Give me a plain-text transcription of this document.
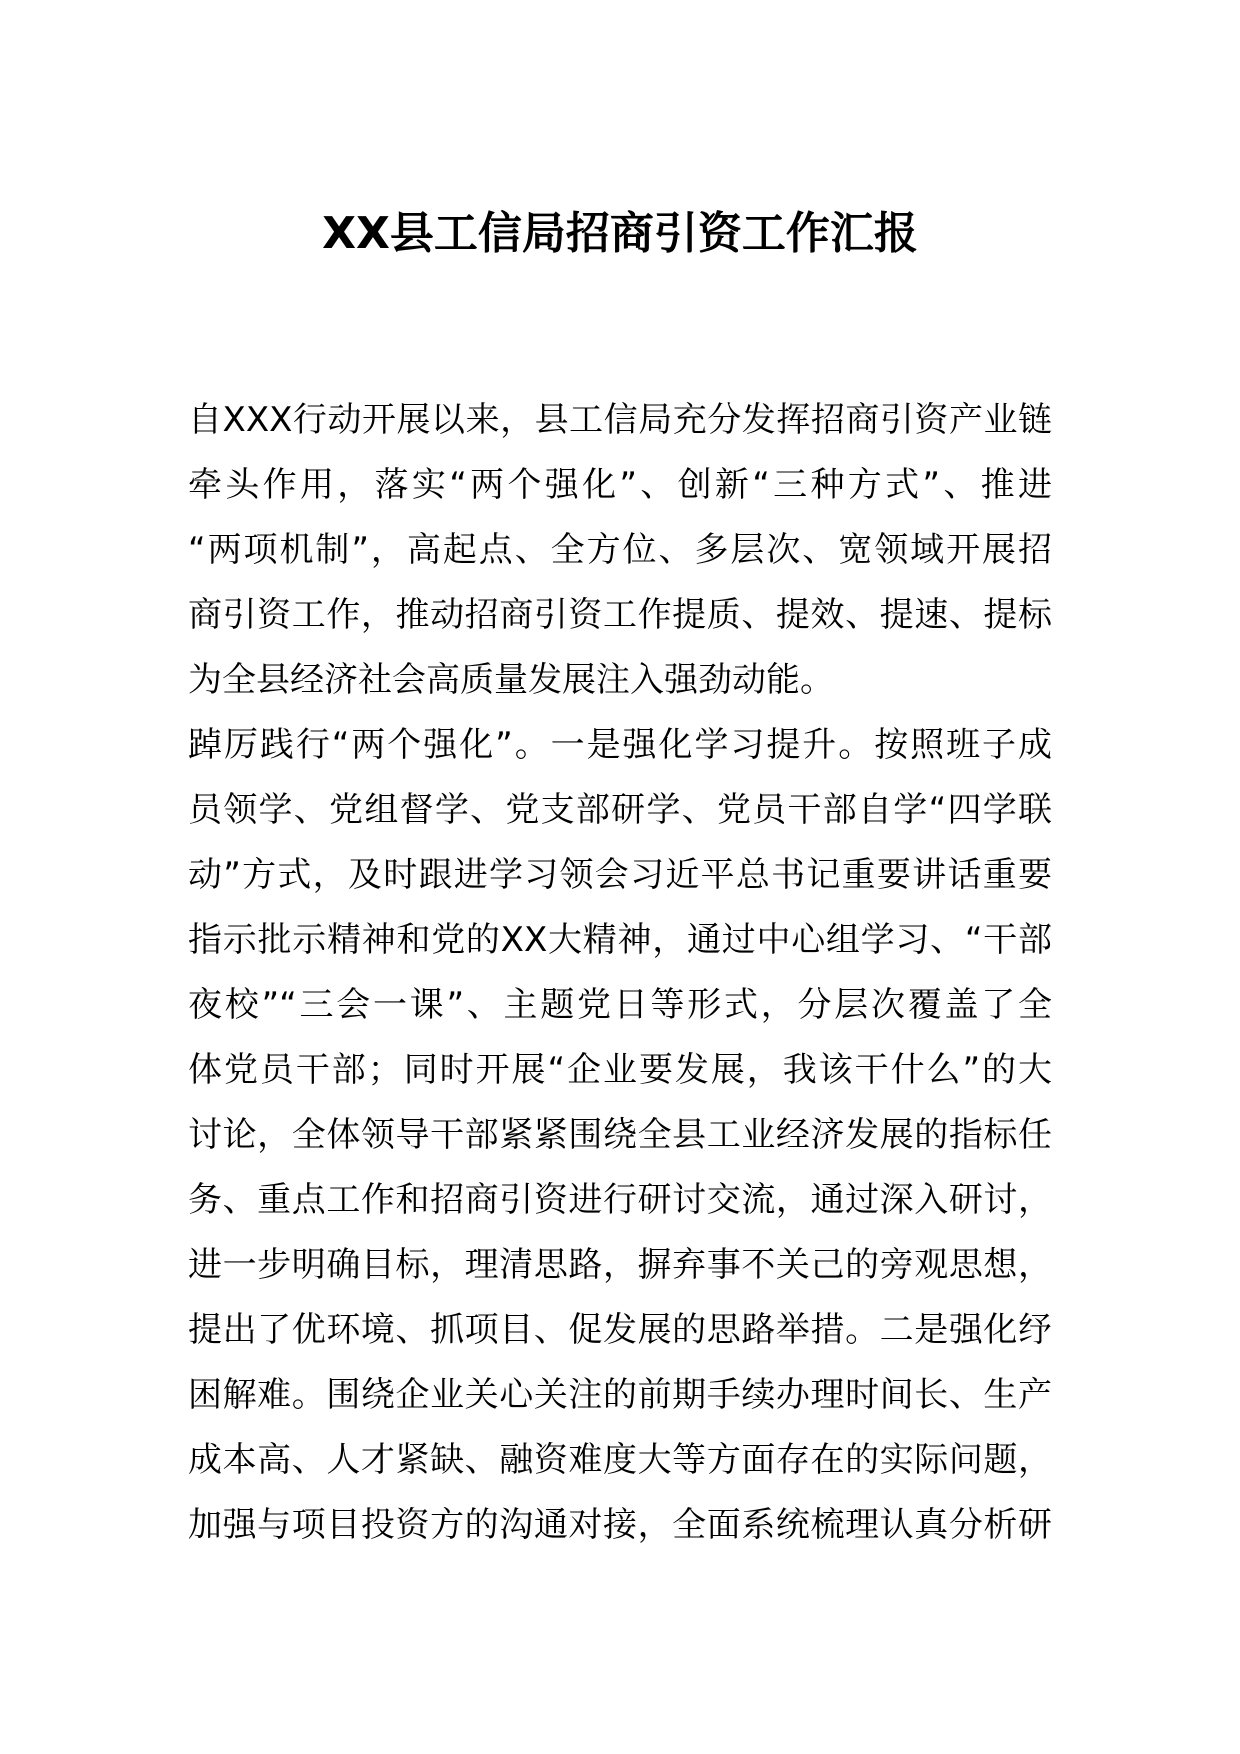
XX县工信局招商引资工作汇报
自XXX行动开展以来，县工信局充分发挥招商引资产业链
牵头作用，落实“两个强化”、创新“三种方式”、推进
“两项机制”，高起点、全方位、多层次、宽领域开展招
商引资工作，推动招商引资工作提质、提效、提速、提标
为全县经济社会高质量发展注入强劲动能。
踔厉践行“两个强化”。一是强化学习提升。按照班子成
员领学、党组督学、党支部研学、党员干部自学“四学联
动”方式，及时跟进学习领会习近平总书记重要讲话重要
指示批示精神和党的XX大精神，通过中心组学习、“干部
夜校”“三会一课”、主题党日等形式，分层次覆盖了全
体党员干部；同时开展“企业要发展，我该干什么”的大
讨论，全体领导干部紧紧围绕全县工业经济发展的指标任
务、重点工作和招商引资进行研讨交流，通过深入研讨，
进一步明确目标，理清思路，摒弃事不关己的旁观思想，
提出了优环境、抓项目、促发展的思路举措。二是强化纾
困解难。围绕企业关心关注的前期手续办理时间长、生产
成本高、人才紧缺、融资难度大等方面存在的实际问题，
加强与项目投资方的沟通对接，全面系统梳理认真分析研
